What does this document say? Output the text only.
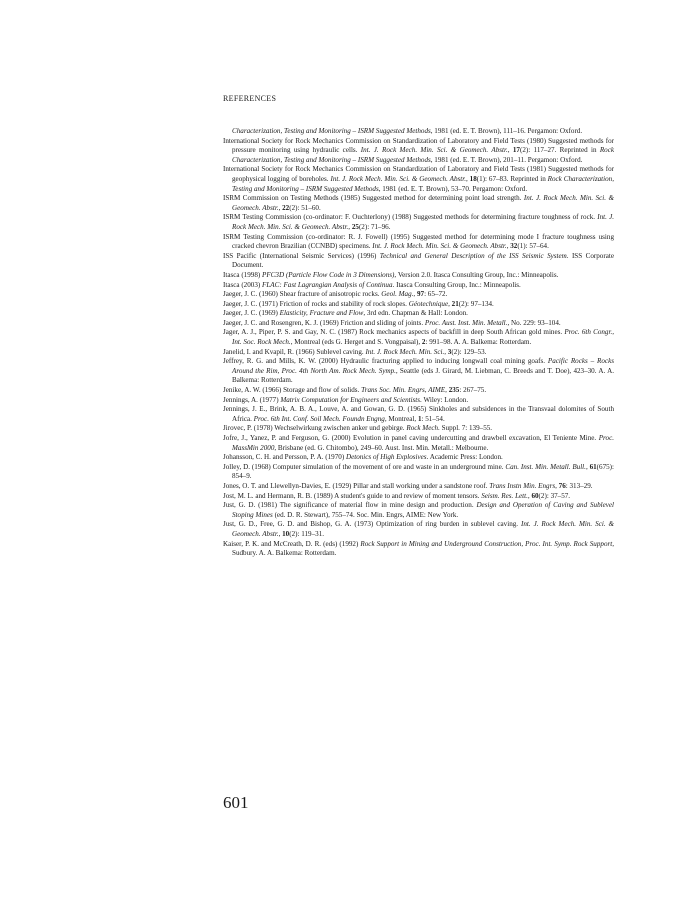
REFERENCES

Characterization, Testing and Monitoring – ISRM Suggested Methods, 1981 (ed. E. T. Brown), 111–16. Pergamon: Oxford.

International Society for Rock Mechanics Commission on Standardization of Laboratory and Field Tests (1980) Suggested methods for pressure monitoring using hydraulic cells. Int. J. Rock Mech. Min. Sci. & Geomech. Abstr., 17(2): 117–27. Reprinted in Rock Characterization, Testing and Monitoring – ISRM Suggested Methods, 1981 (ed. E. T. Brown), 201–11. Pergamon: Oxford.

International Society for Rock Mechanics Commission on Standardization of Laboratory and Field Tests (1981) Suggested methods for geophysical logging of boreholes. Int. J. Rock Mech. Min. Sci. & Geomech. Abstr., 18(1): 67–83. Reprinted in Rock Characterization, Testing and Monitoring – ISRM Suggested Methods, 1981 (ed. E. T. Brown), 53–70. Pergamon: Oxford.

ISRM Commission on Testing Methods (1985) Suggested method for determining point load strength. Int. J. Rock Mech. Min. Sci. & Geomech. Abstr., 22(2): 51–60.

ISRM Testing Commission (co-ordinator: F. Ouchterlony) (1988) Suggested methods for determining fracture toughness of rock. Int. J. Rock Mech. Min. Sci. & Geomech. Abstr., 25(2): 71–96.

ISRM Testing Commission (co-ordinator: R. J. Fowell) (1995) Suggested method for determining mode I fracture toughness using cracked chevron Brazilian (CCNBD) specimens. Int. J. Rock Mech. Min. Sci. & Geomech. Abstr., 32(1): 57–64.

ISS Pacific (International Seismic Services) (1996) Technical and General Description of the ISS Seismic System. ISS Corporate Document.

Itasca (1998) PFC3D (Particle Flow Code in 3 Dimensions), Version 2.0. Itasca Consulting Group, Inc.: Minneapolis.

Itasca (2003) FLAC: Fast Lagrangian Analysis of Continua. Itasca Consulting Group, Inc.: Minneapolis.

Jaeger, J. C. (1960) Shear fracture of anisotropic rocks. Geol. Mag., 97: 65–72.

Jaeger, J. C. (1971) Friction of rocks and stability of rock slopes. Géotechnique, 21(2): 97–134.

Jaeger, J. C. (1969) Elasticity, Fracture and Flow, 3rd edn. Chapman & Hall: London.

Jaeger, J. C. and Rosengren, K. J. (1969) Friction and sliding of joints. Proc. Aust. Inst. Min. Metall., No. 229: 93–104.

Jager, A. J., Piper, P. S. and Gay, N. C. (1987) Rock mechanics aspects of backfill in deep South African gold mines. Proc. 6th Congr., Int. Soc. Rock Mech., Montreal (eds G. Herget and S. Vongpaisal), 2: 991–98. A. A. Balkema: Rotterdam.

Janelid, I. and Kvapil, R. (1966) Sublevel caving. Int. J. Rock Mech. Min. Sci., 3(2): 129–53.

Jeffrey, R. G. and Mills, K. W. (2000) Hydraulic fracturing applied to inducing longwall coal mining goafs. Pacific Rocks – Rocks Around the Rim, Proc. 4th North Am. Rock Mech. Symp., Seattle (eds J. Girard, M. Liebman, C. Breeds and T. Doe), 423–30. A. A. Balkema: Rotterdam.

Jenike, A. W. (1966) Storage and flow of solids. Trans Soc. Min. Engrs, AIME, 235: 267–75.

Jennings, A. (1977) Matrix Computation for Engineers and Scientists. Wiley: London.

Jennings, J. E., Brink, A. B. A., Louve, A. and Gowan, G. D. (1965) Sinkholes and subsidences in the Transvaal dolomites of South Africa. Proc. 6th Int. Conf. Soil Mech. Foundn Engng, Montreal, 1: 51–54.

Jirovec, P. (1978) Wechselwirkung zwischen anker und gebirge. Rock Mech. Suppl. 7: 139–55.

Jofre, J., Yanez, P. and Ferguson, G. (2000) Evolution in panel caving undercutting and drawbell excavation, El Teniente Mine. Proc. MassMin 2000, Brisbane (ed. G. Chitombo), 249–60. Aust. Inst. Min. Metall.: Melbourne.

Johansson, C. H. and Persson, P. A. (1970) Detonics of High Explosives. Academic Press: London.

Jolley, D. (1968) Computer simulation of the movement of ore and waste in an underground mine. Can. Inst. Min. Metall. Bull., 61(675): 854–9.

Jones, O. T. and Llewellyn-Davies, E. (1929) Pillar and stall working under a sandstone roof. Trans Instn Min. Engrs, 76: 313–29.

Jost, M. L. and Hermann, R. B. (1989) A student's guide to and review of moment tensors. Seism. Res. Lett., 60(2): 37–57.

Just, G. D. (1981) The significance of material flow in mine design and production. Design and Operation of Caving and Sublevel Stoping Mines (ed. D. R. Stewart), 755–74. Soc. Min. Engrs, AIME: New York.

Just, G. D., Free, G. D. and Bishop, G. A. (1973) Optimization of ring burden in sublevel caving. Int. J. Rock Mech. Min. Sci. & Geomech. Abstr., 10(2): 119–31.

Kaiser, P. K. and McCreath, D. R. (eds) (1992) Rock Support in Mining and Underground Construction, Proc. Int. Symp. Rock Support, Sudbury. A. A. Balkema: Rotterdam.

601
